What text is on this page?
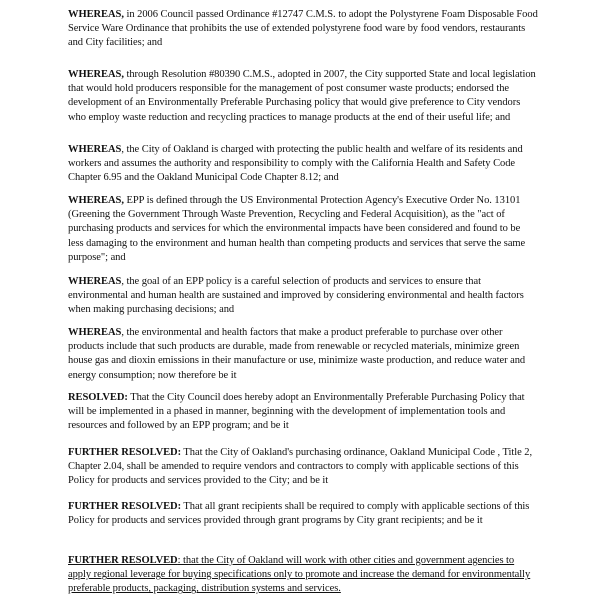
WHEREAS, in 2006 Council passed Ordinance #12747 C.M.S. to adopt the Polystyrene Foam Disposable Food Service Ware Ordinance that prohibits the use of extended polystyrene food ware by food vendors, restaurants and City facilities; and

WHEREAS, through Resolution #80390 C.M.S., adopted in 2007, the City supported State and local legislation that would hold producers responsible for the management of post consumer waste products; endorsed the development of an Environmentally Preferable Purchasing policy that would give preference to City vendors who employ waste reduction and recycling practices to manage products at the end of their useful life; and

WHEREAS, the City of Oakland is charged with protecting the public health and welfare of its residents and workers and assumes the authority and responsibility to comply with the California Health and Safety Code Chapter 6.95 and the Oakland Municipal Code Chapter 8.12; and

WHEREAS, EPP is defined through the US Environmental Protection Agency's Executive Order No. 13101 (Greening the Government Through Waste Prevention, Recycling and Federal Acquisition), as the "act of purchasing products and services for which the environmental impacts have been considered and found to be less damaging to the environment and human health than competing products and services that serve the same purpose"; and

WHEREAS, the goal of an EPP policy is a careful selection of products and services to ensure that environmental and human health are sustained and improved by considering environmental and health factors when making purchasing decisions; and

WHEREAS, the environmental and health factors that make a product preferable to purchase over other products include that such products are durable, made from renewable or recycled materials, minimize green house gas and dioxin emissions in their manufacture or use, minimize waste production, and reduce water and energy consumption; now therefore be it

RESOLVED: That the City Council does hereby adopt an Environmentally Preferable Purchasing Policy that will be implemented in a phased in manner, beginning with the development of implementation tools and resources and followed by an EPP program; and be it

FURTHER RESOLVED: That the City of Oakland's purchasing ordinance, Oakland Municipal Code , Title 2, Chapter 2.04, shall be amended to require vendors and contractors to comply with applicable sections of this Policy for products and services provided to the City; and be it

FURTHER RESOLVED: That all grant recipients shall be required to comply with applicable sections of this Policy for products and services provided through grant programs by City grant recipients; and be it

FURTHER RESOLVED: that the City of Oakland will work with other cities and government agencies to apply regional leverage for buying specifications only to promote and increase the demand for environmentally preferable products, packaging, distribution systems and services.
